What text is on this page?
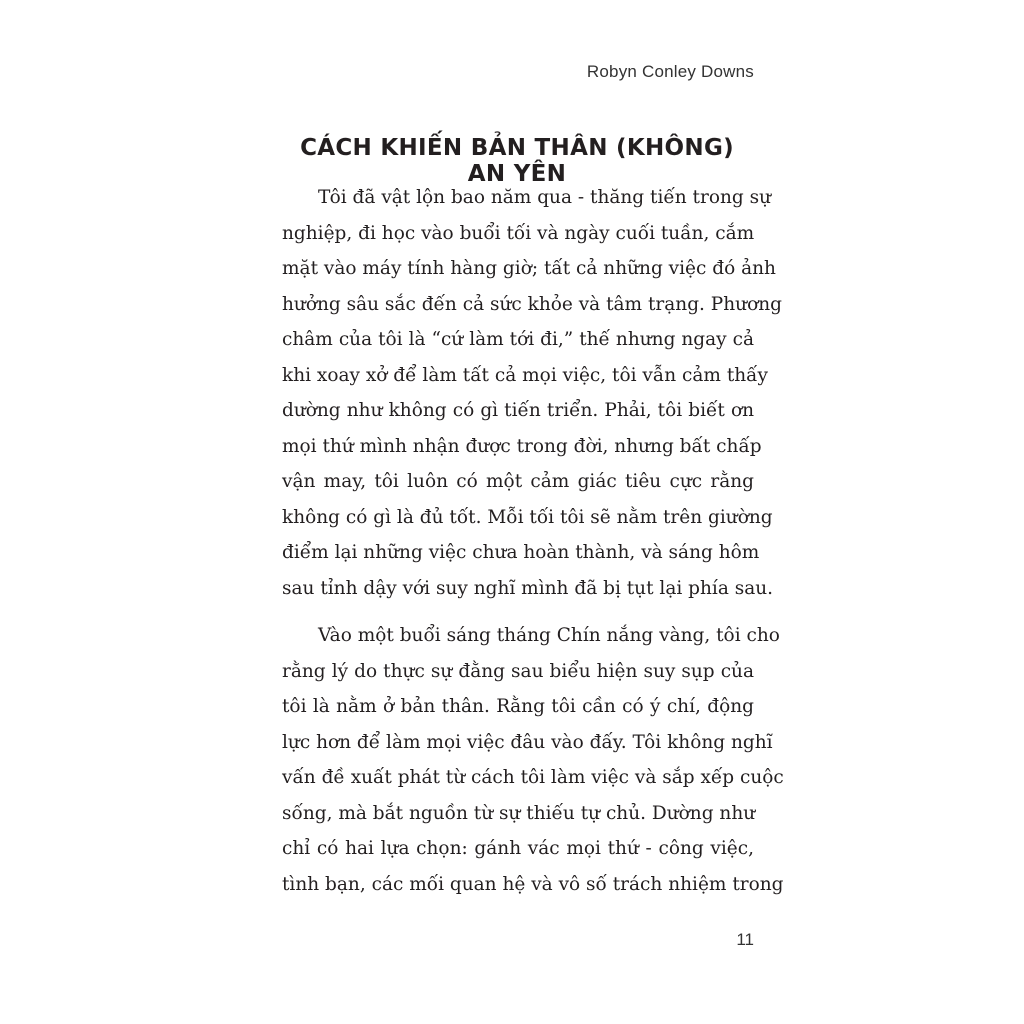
Robyn Conley Downs
CÁCH KHIẾN BẢN THÂN (KHÔNG) AN YÊN

Tôi đã vật lộn bao năm qua - thăng tiến trong sự
nghiệp, đi học vào buổi tối và ngày cuối tuần, cắm
mặt vào máy tính hàng giờ; tất cả những việc đó ảnh
hưởng sâu sắc đến cả sức khỏe và tâm trạng. Phương
châm của tôi là “cứ làm tới đi,” thế nhưng ngay cả
khi xoay xở để làm tất cả mọi việc, tôi vẫn cảm thấy
dường như không có gì tiến triển. Phải, tôi biết ơn
mọi thứ mình nhận được trong đời, nhưng bất chấp
vận may, tôi luôn có một cảm giác tiêu cực rằng
không có gì là đủ tốt. Mỗi tối tôi sẽ nằm trên giường
điểm lại những việc chưa hoàn thành, và sáng hôm
sau tỉnh dậy với suy nghĩ mình đã bị tụt lại phía sau.

Vào một buổi sáng tháng Chín nắng vàng, tôi cho
rằng lý do thực sự đằng sau biểu hiện suy sụp của
tôi là nằm ở bản thân. Rằng tôi cần có ý chí, động
lực hơn để làm mọi việc đâu vào đấy. Tôi không nghĩ
vấn đề xuất phát từ cách tôi làm việc và sắp xếp cuộc
sống, mà bắt nguồn từ sự thiếu tự chủ. Dường như
chỉ có hai lựa chọn: gánh vác mọi thứ - công việc,
tình bạn, các mối quan hệ và vô số trách nhiệm trong

11
